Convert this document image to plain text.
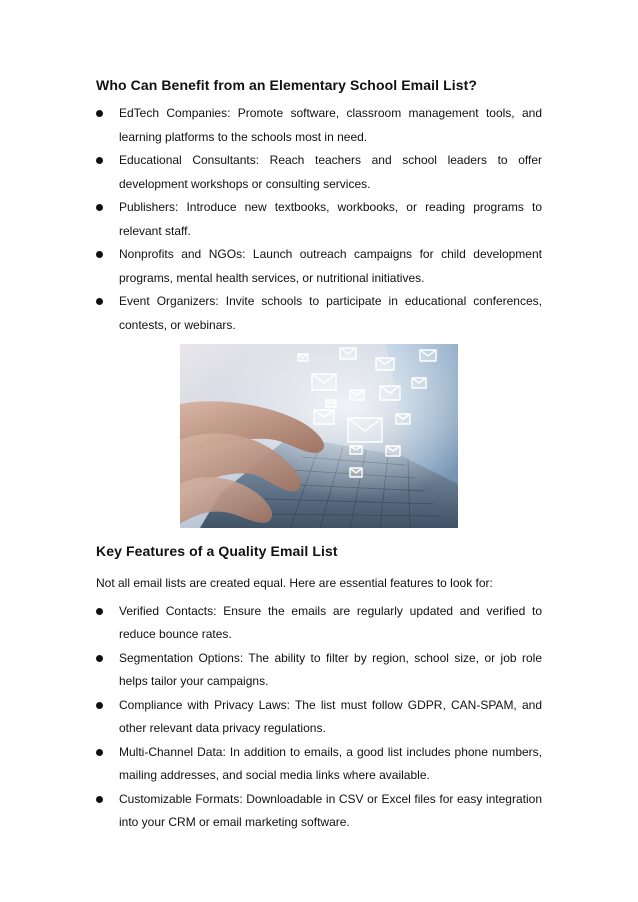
Who Can Benefit from an Elementary School Email List?
EdTech Companies: Promote software, classroom management tools, and learning platforms to the schools most in need.
Educational Consultants: Reach teachers and school leaders to offer development workshops or consulting services.
Publishers: Introduce new textbooks, workbooks, or reading programs to relevant staff.
Nonprofits and NGOs: Launch outreach campaigns for child development programs, mental health services, or nutritional initiatives.
Event Organizers: Invite schools to participate in educational conferences, contests, or webinars.
Key Features of a Quality Email List

Not all email lists are created equal. Here are essential features to look for:

Verified Contacts: Ensure the emails are regularly updated and verified to reduce bounce rates.
Segmentation Options: The ability to filter by region, school size, or job role helps tailor your campaigns.
Compliance with Privacy Laws: The list must follow GDPR, CAN-SPAM, and other relevant data privacy regulations.
Multi-Channel Data: In addition to emails, a good list includes phone numbers, mailing addresses, and social media links where available.
Customizable Formats: Downloadable in CSV or Excel files for easy integration into your CRM or email marketing software.
